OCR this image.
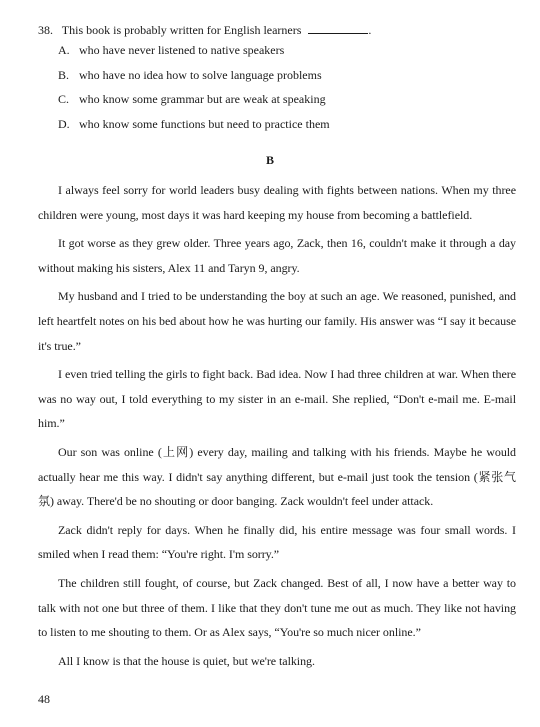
38. This book is probably written for English learners	.
A. who have never listened to native speakers
B. who have no idea how to solve language problems
C. who know some grammar but are weak at speaking
D. who know some functions but need to practice them
B

I always feel sorry for world leaders busy dealing with fights between nations. When my three children were young, most days it was hard keeping my house from becoming a battlefield.

It got worse as they grew older. Three years ago, Zack, then 16, couldn't make it through a day without making his sisters, Alex 11 and Taryn 9, angry.

My husband and I tried to be understanding the boy at such an age. We reasoned, punished, and left heartfelt notes on his bed about how he was hurting our family. His answer was “I say it because it's true.”

I even tried telling the girls to fight back. Bad idea. Now I had three children at war. When there was no way out, I told everything to my sister in an e-mail. She replied, “Don't e-mail me. E-mail him.”

Our son was online (上网) every day, mailing and talking with his friends. Maybe he would actually hear me this way. I didn't say anything different, but e-mail just took the tension (紧张气氛) away. There'd be no shouting or door banging. Zack wouldn't feel under attack.

Zack didn't reply for days. When he finally did, his entire message was four small words. I smiled when I read them: “You're right. I'm sorry.”

The children still fought, of course, but Zack changed. Best of all, I now have a better way to talk with not one but three of them. I like that they don't tune me out as much. They like not having to listen to me shouting to them. Or as Alex says, “You're so much nicer online.”

All I know is that the house is quiet, but we're talking.

48
